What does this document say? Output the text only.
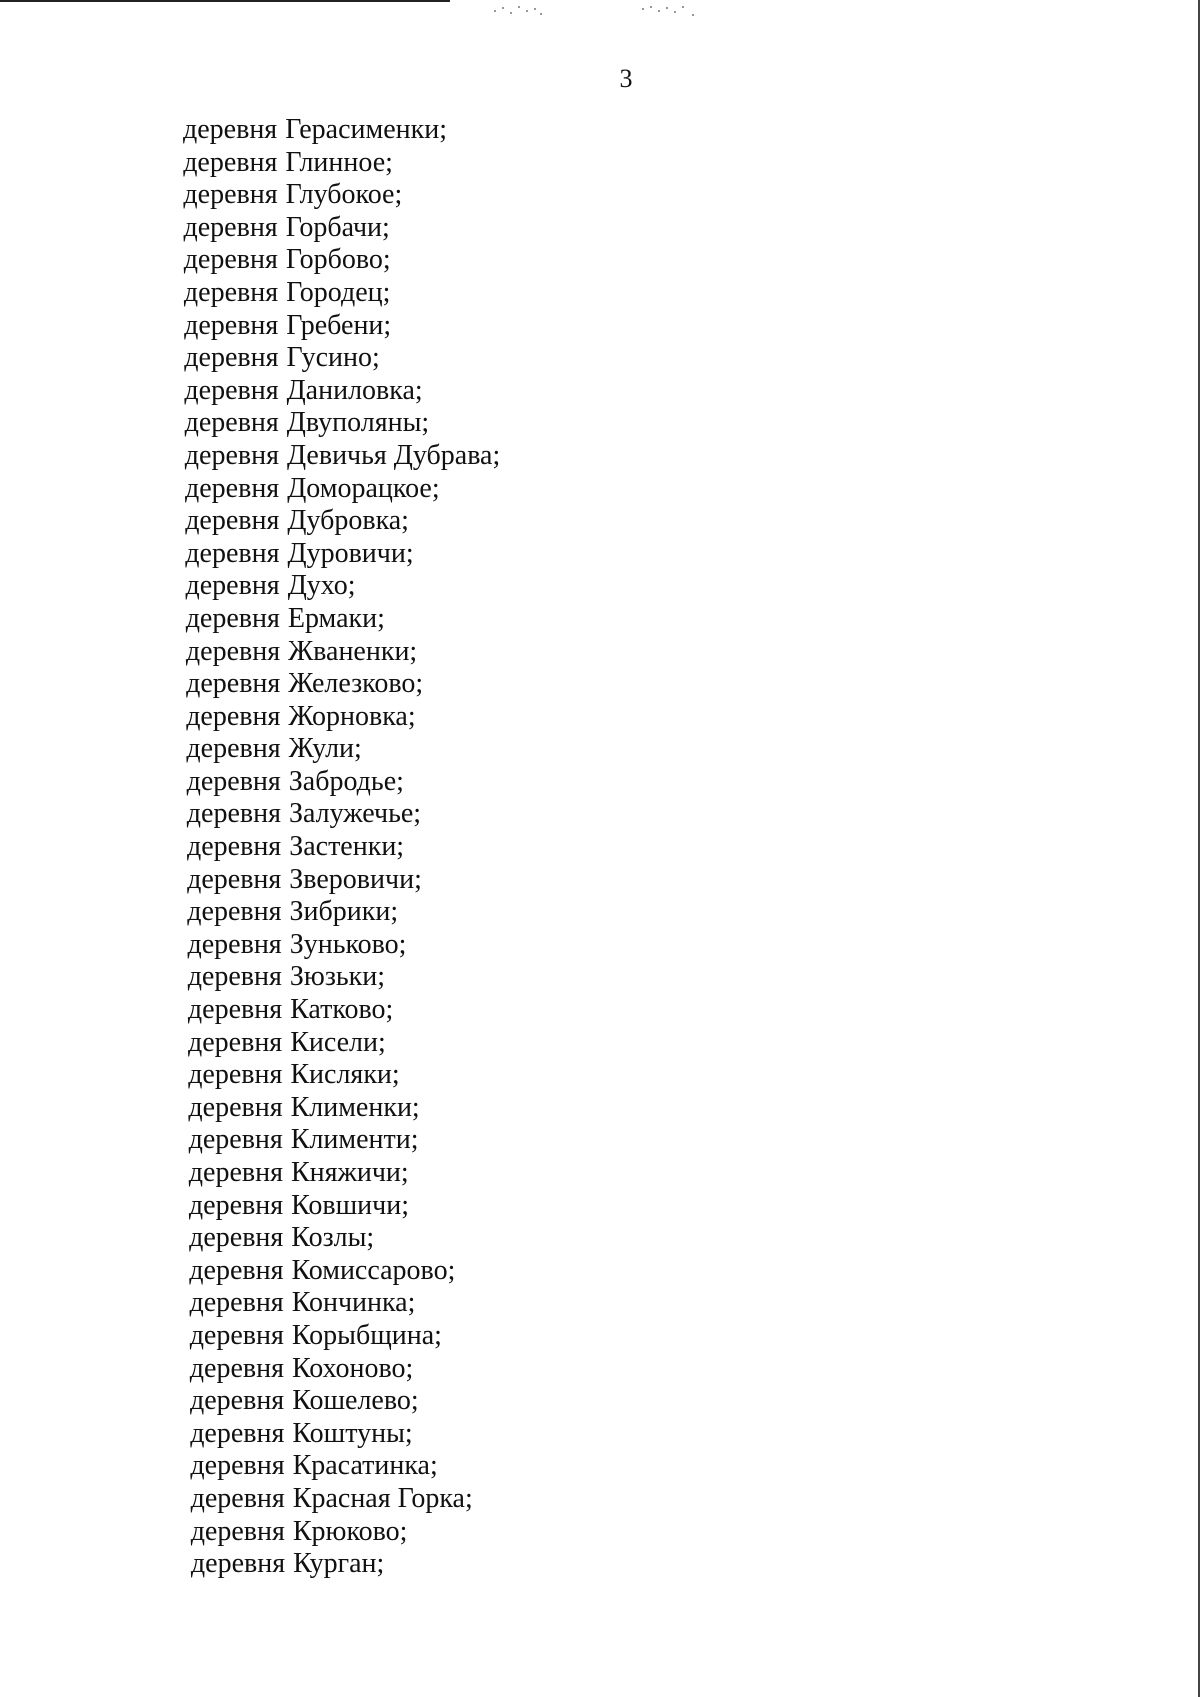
3
деревня Герасименки;
деревня Глинное;
деревня Глубокое;
деревня Горбачи;
деревня Горбово;
деревня Городец;
деревня Гребени;
деревня Гусино;
деревня Даниловка;
деревня Двуполяны;
деревня Девичья Дубрава;
деревня Доморацкое;
деревня Дубровка;
деревня Дуровичи;
деревня Духо;
деревня Ермаки;
деревня Жваненки;
деревня Железково;
деревня Жорновка;
деревня Жули;
деревня Забродье;
деревня Залужечье;
деревня Застенки;
деревня Зверовичи;
деревня Зибрики;
деревня Зуньково;
деревня Зюзьки;
деревня Катково;
деревня Кисели;
деревня Кисляки;
деревня Клименки;
деревня Клименти;
деревня Княжичи;
деревня Ковшичи;
деревня Козлы;
деревня Комиссарово;
деревня Кончинка;
деревня Корыбщина;
деревня Кохоново;
деревня Кошелево;
деревня Коштуны;
деревня Красатинка;
деревня Красная Горка;
деревня Крюково;
деревня Курган;
